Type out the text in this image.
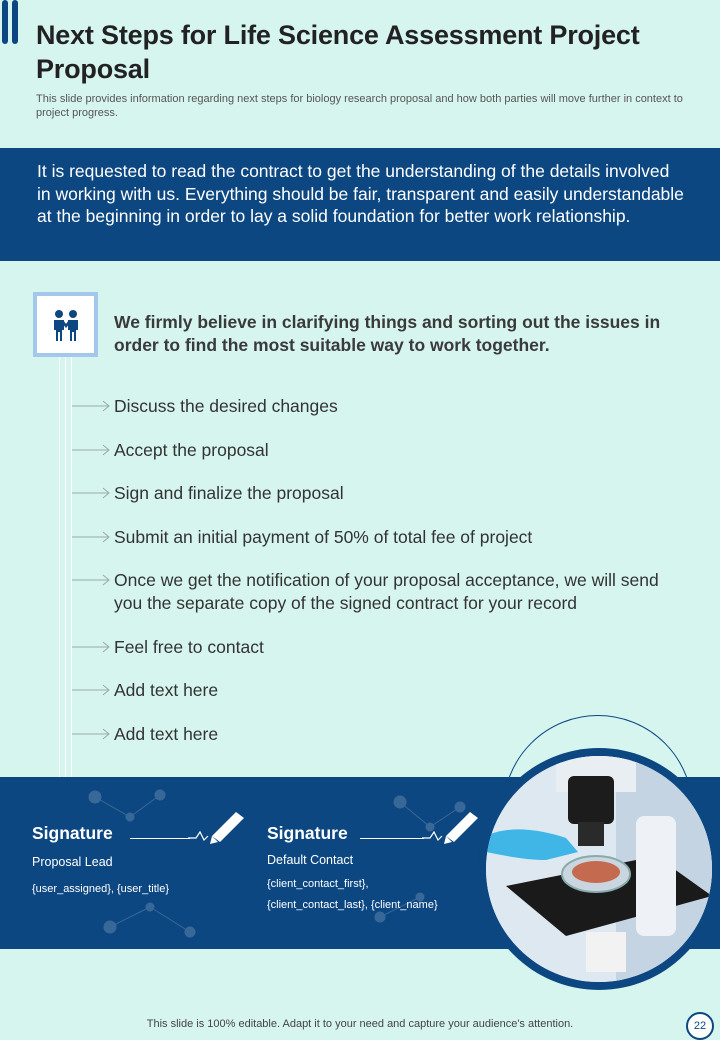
Next Steps for Life Science Assessment Project Proposal
This slide provides information regarding next steps for biology research proposal and how both parties will move further in context to project progress.
It is requested to read the contract to get the understanding of the details involved in working with us. Everything should be fair, transparent and easily understandable at the beginning in order to lay a solid foundation for better work relationship.
We firmly believe in clarifying things and sorting out the issues in order to find the most suitable way to work together.
Discuss the desired changes
Accept the proposal
Sign and finalize the proposal
Submit an initial payment of 50% of total fee of project
Once we get the notification of your proposal acceptance, we will send you the separate copy of the signed contract for your record
Feel free to contact
Add text here
Add text here
Signature
Proposal Lead
{user_assigned}, {user_title}
Signature
Default Contact
{client_contact_first},
{client_contact_last}, {client_name}
This slide is 100% editable. Adapt it to your need and capture your audience's attention.	22
